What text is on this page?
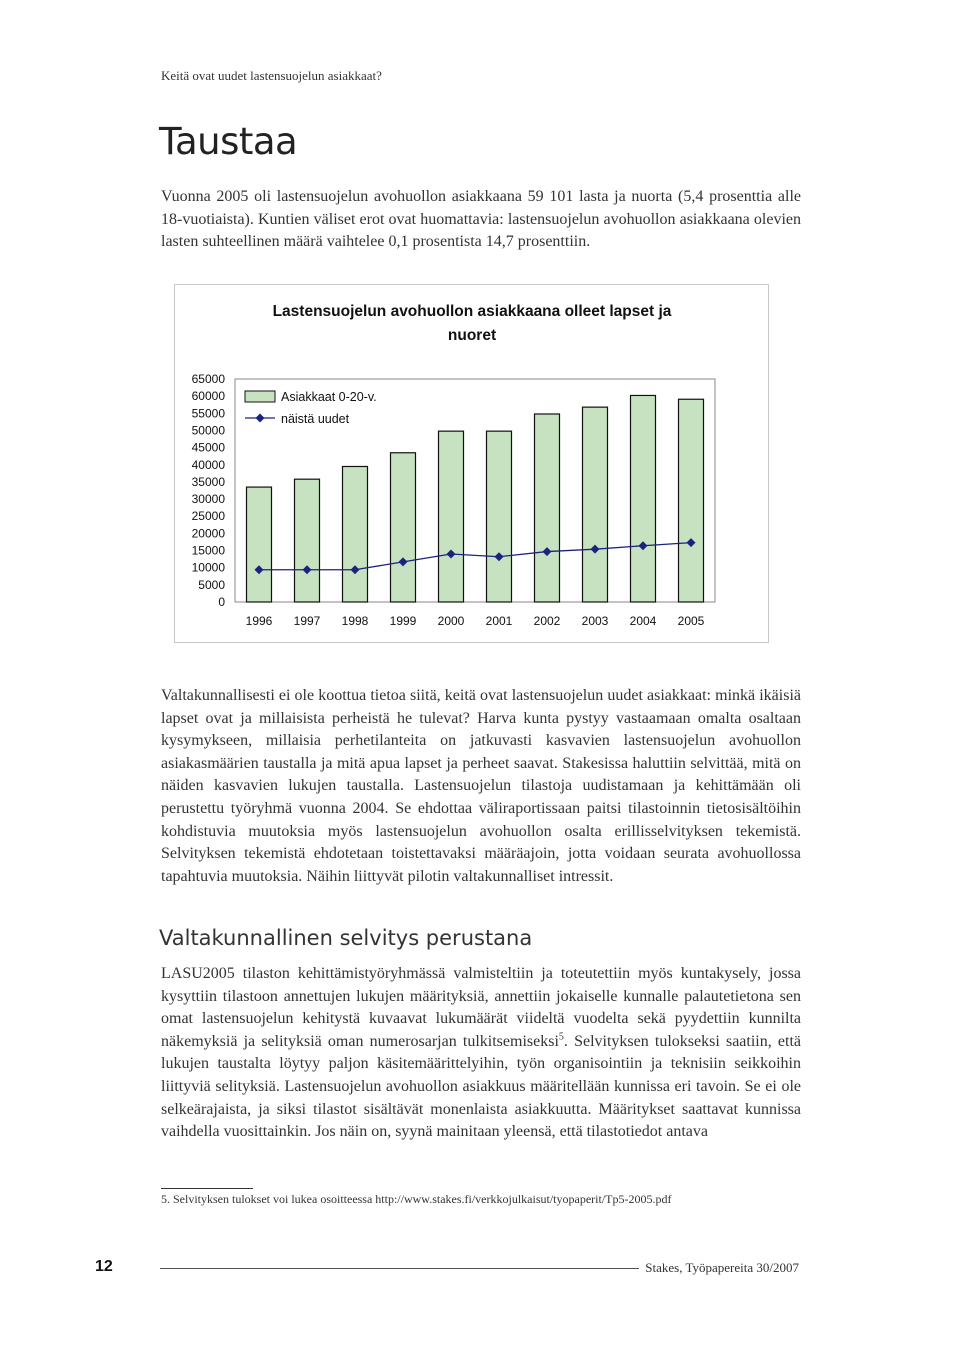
Keitä ovat uudet lastensuojelun asiakkaat?
Taustaa

Vuonna 2005 oli lastensuojelun avohuollon asiakkaana 59 101 lasta ja nuorta (5,4 prosenttia alle 18-vuotiaista). Kuntien väliset erot ovat huomattavia: lastensuojelun avohuollon asiakkaana olevien lasten suhteellinen määrä vaihtelee 0,1 prosentista 14,7 prosenttiin.

Lastensuojelun avohuollon asiakkaana olleet lapset ja
nuoret
65000
60000
55000
50000
45000
40000
35000
30000
25000
20000
15000
10000
5000
0
1996 1997 1998 1999 2000 2001 2002 2003 2004 2005
Asiakkaat 0-20-v.
näistä uudet

Valtakunnallisesti ei ole koottua tietoa siitä, keitä ovat lastensuojelun uudet asiakkaat: minkä ikäisiä lapset ovat ja millaisista perheistä he tulevat? Harva kunta pystyy vastaamaan omalta osaltaan kysymykseen, millaisia perhetilanteita on jatkuvasti kasvavien lastensuojelun avohuollon asiakasmäärien taustalla ja mitä apua lapset ja perheet saavat. Stakesissa haluttiin selvittää, mitä on näiden kasvavien lukujen taustalla. Lastensuojelun tilastoja uudistamaan ja kehittämään oli perustettu työryhmä vuonna 2004. Se ehdottaa väliraportissaan paitsi tilastoinnin tietosisältöihin kohdistuvia muutoksia myös lastensuojelun avohuollon osalta erillisselvityksen tekemistä. Selvityksen tekemistä ehdotetaan toistettavaksi määräajoin, jotta voidaan seurata avohuollossa tapahtuvia muutoksia. Näihin liittyvät pilotin valtakunnalliset intressit.

Valtakunnallinen selvitys perustana

LASU2005 tilaston kehittämistyöryhmässä valmisteltiin ja toteutettiin myös kuntakysely, jossa kysyttiin tilastoon annettujen lukujen määrityksiä, annettiin jokaiselle kunnalle palautetietona sen omat lastensuojelun kehitystä kuvaavat lukumäärät viideltä vuodelta sekä pyydettiin kunnilta näkemyksiä ja selityksiä oman numerosarjan tulkitsemiseksi$^5$. Selvityksen tulokseksi saatiin, että lukujen taustalta löytyy paljon käsitemäärittelyihin, työn organisointiin ja teknisiin seikkoihin liittyviä selityksiä. Lastensuojelun avohuollon asiakkuus määritellään kunnissa eri tavoin. Se ei ole selkeärajaista, ja siksi tilastot sisältävät monenlaista asiakkuutta. Määritykset saattavat kunnissa vaihdella vuosittainkin. Jos näin on, syynä mainitaan yleensä, että tilastotiedot antava

5. Selvityksen tulokset voi lukea osoitteessa http://www.stakes.fi/verkkojulkaisut/tyopaperit/Tp5-2005.pdf
12	Stakes, Työpapereita 30/2007
